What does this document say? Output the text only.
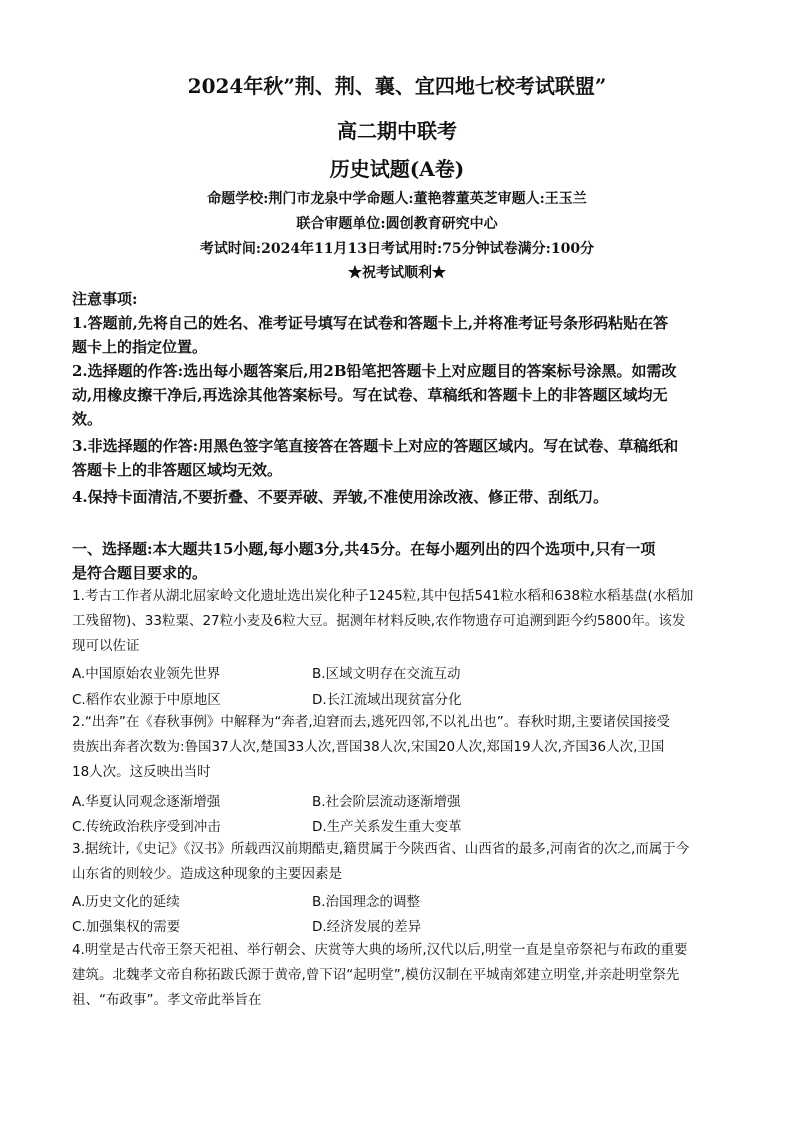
2024年秋”荆、荆、襄、宜四地七校考试联盟”
高二期中联考
历史试题(A卷)
命题学校:荆门市龙泉中学命题人:董艳蓉董英芝审题人:王玉兰
联合审题单位:圆创教育研究中心
考试时间:2024年11月13日考试用时:75分钟试卷满分:100分
★祝考试顺利★
注意事项:
1.答题前,先将自己的姓名、准考证号填写在试卷和答题卡上,并将准考证号条形码粘贴在答
题卡上的指定位置。
2.选择题的作答:选出每小题答案后,用2B铅笔把答题卡上对应题目的答案标号涂黑。如需改
动,用橡皮擦干净后,再选涂其他答案标号。写在试卷、草稿纸和答题卡上的非答题区域均无
效。
3.非选择题的作答:用黑色签字笔直接答在答题卡上对应的答题区域内。写在试卷、草稿纸和
答题卡上的非答题区域均无效。
4.保持卡面清洁,不要折叠、不要弄破、弄皱,不准使用涂改液、修正带、刮纸刀。
一、选择题:本大题共15小题,每小题3分,共45分。在每小题列出的四个选项中,只有一项
是符合题目要求的。
1.考古工作者从湖北屈家岭文化遗址选出炭化种子1245粒,其中包括541粒水稻和638粒水稻基盘(水稻加
工残留物)、33粒粟、27粒小麦及6粒大豆。据测年材料反映,农作物遗存可追溯到距今约5800年。该发
现可以佐证
A.中国原始农业领先世界	B.区域文明存在交流互动
C.稻作农业源于中原地区	D.长江流域出现贫富分化
2.“出奔”在《春秋事例》中解释为“奔者,迫窘而去,逃死四邻,不以礼出也”。春秋时期,主要诸侯国接受
贵族出奔者次数为:鲁国37人次,楚国33人次,晋国38人次,宋国20人次,郑国19人次,齐国36人次,卫国
18人次。这反映出当时
A.华夏认同观念逐渐增强	B.社会阶层流动逐渐增强
C.传统政治秩序受到冲击	D.生产关系发生重大变革
3.据统计,《史记》《汉书》所载西汉前期酷吏,籍贯属于今陕西省、山西省的最多,河南省的次之,而属于今
山东省的则较少。造成这种现象的主要因素是
A.历史文化的延续	B.治国理念的调整
C.加强集权的需要	D.经济发展的差异
4.明堂是古代帝王祭天祀祖、举行朝会、庆赏等大典的场所,汉代以后,明堂一直是皇帝祭祀与布政的重要
建筑。北魏孝文帝自称拓跋氏源于黄帝,曾下诏“起明堂”,模仿汉制在平城南郊建立明堂,并亲赴明堂祭先
祖、“布政事”。孝文帝此举旨在
